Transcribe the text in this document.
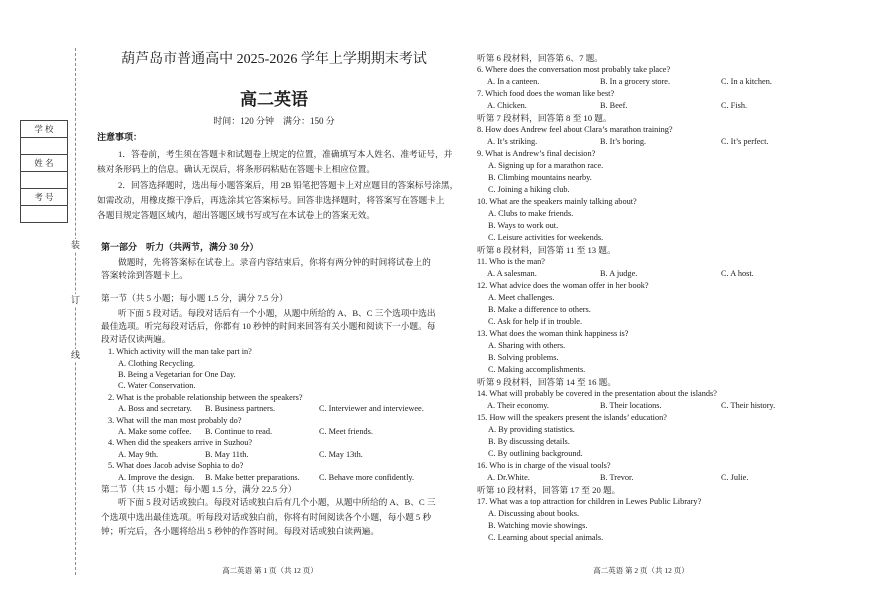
学 校
姓 名
考 号
装
订
线
葫芦岛市普通高中 2025-2026 学年上学期期末考试
高二英语
时间：120 分钟　满分：150 分
注意事项：
1．答卷前，考生须在答题卡和试题卷上规定的位置，准确填写本人姓名、准考证号，并
核对条形码上的信息。确认无误后，将条形码粘贴在答题卡上相应位置。
2．回答选择题时，选出每小题答案后，用 2B 铅笔把答题卡上对应题目的答案标号涂黑，
如需改动，用橡皮擦干净后，再选涂其它答案标号。回答非选择题时，将答案写在答题卡上
各题目规定答题区域内，超出答题区域书写或写在本试卷上的答案无效。
第一部分　听力（共两节，满分 30 分）
做题时，先将答案标在试卷上。录音内容结束后，你将有两分钟的时间将试卷上的
答案转涂到答题卡上。
第一节（共 5 小题；每小题 1.5 分，满分 7.5 分）
听下面 5 段对话。每段对话后有一个小题，从题中所给的 A、B、C 三个选项中选出
最佳选项。听完每段对话后，你都有 10 秒钟的时间来回答有关小题和阅读下一小题。每
段对话仅读两遍。
1. Which activity will the man take part in?
A. Clothing Recycling.
B. Being a Vegetarian for One Day.
C. Water Conservation.
2. What is the probable relationship between the speakers?
A. Boss and secretary. B. Business partners.	C. Interviewer and interviewee.
3. What will the man most probably do?
A. Make some coffee. B. Continue to read.	C. Meet friends.
4. When did the speakers arrive in Suzhou?
A. May 9th.	B. May 11th.	C. May 13th.
5. What does Jacob advise Sophia to do?
A. Improve the design. B. Make better preparations. C. Behave more confidently.
第二节（共 15 小题；每小题 1.5 分，满分 22.5 分）
听下面 5 段对话或独白。每段对话或独白后有几个小题，从题中所给的 A、B、C 三
个选项中选出最佳选项。听每段对话或独白前，你将有时间阅读各个小题，每小题 5 秒
钟；听完后，各小题将给出 5 秒钟的作答时间。每段对话或独白读两遍。
高二英语 第 1 页（共 12 页）
听第 6 段材料，回答第 6、7 题。
6. Where does the conversation most probably take place?
A. In a canteen.	B. In a grocery store.	C. In a kitchen.
7. Which food does the woman like best?
A. Chicken.	B. Beef.	C. Fish.
听第 7 段材料，回答第 8 至 10 题。
8. How does Andrew feel about Clara’s marathon training?
A. It’s striking.	B. It’s boring.	C. It’s perfect.
9. What is Andrew’s final decision?
A. Signing up for a marathon race.
B. Climbing mountains nearby.
C. Joining a hiking club.
10. What are the speakers mainly talking about?
A. Clubs to make friends.
B. Ways to work out.
C. Leisure activities for weekends.
听第 8 段材料，回答第 11 至 13 题。
11. Who is the man?
A. A salesman.	B. A judge.	C. A host.
12. What advice does the woman offer in her book?
A. Meet challenges.
B. Make a difference to others.
C. Ask for help if in trouble.
13. What does the woman think happiness is?
A. Sharing with others.
B. Solving problems.
C. Making accomplishments.
听第 9 段材料，回答第 14 至 16 题。
14. What will probably be covered in the presentation about the islands?
A. Their economy.	B. Their locations.	C. Their history.
15. How will the speakers present the islands’ education?
A. By providing statistics.
B. By discussing details.
C. By outlining background.
16. Who is in charge of the visual tools?
A. Dr.White.	B. Trevor.	C. Julie.
听第 10 段材料，回答第 17 至 20 题。
17. What was a top attraction for children in Lewes Public Library?
A. Discussing about books.
B. Watching movie showings.
C. Learning about special animals.
高二英语 第 2 页（共 12 页）
